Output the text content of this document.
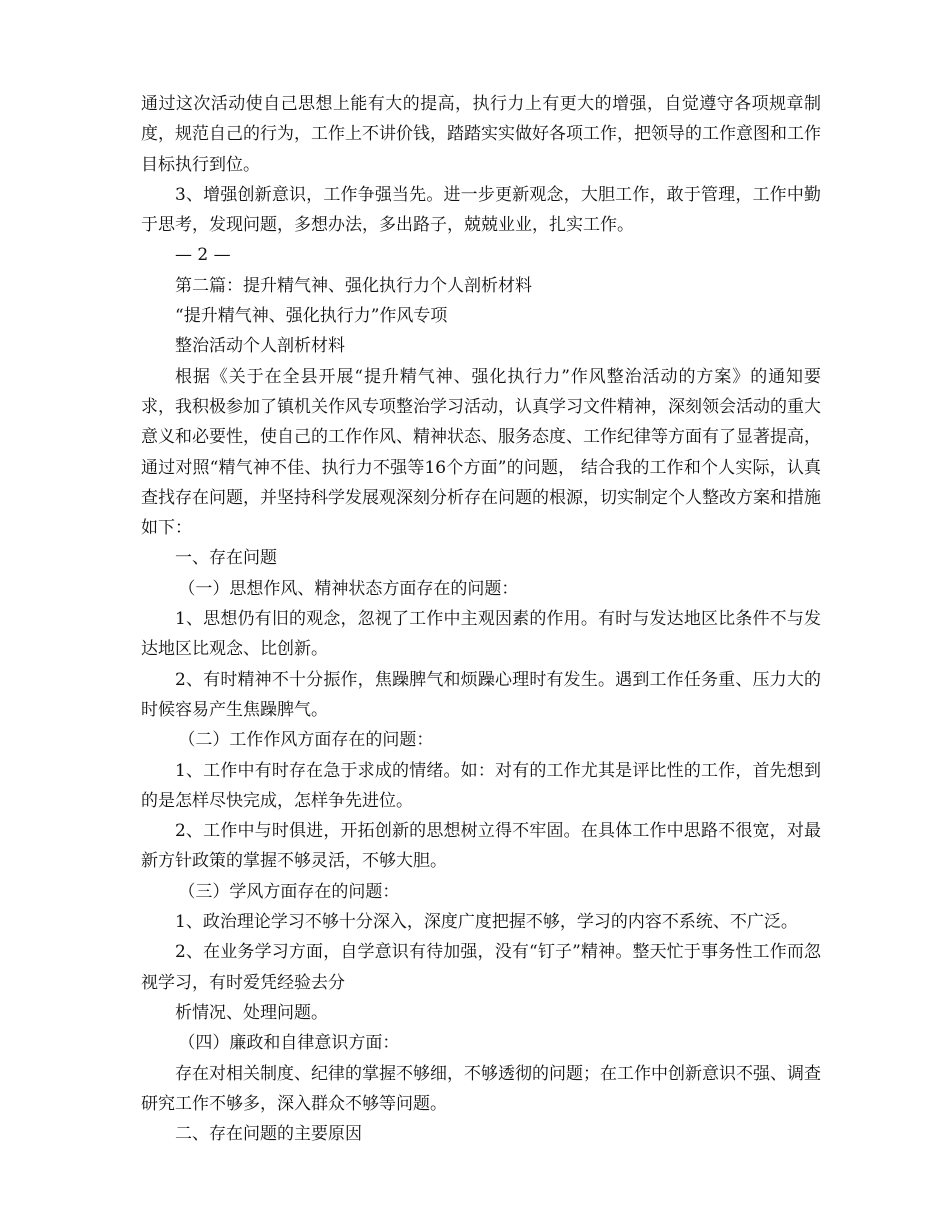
通过这次活动使自己思想上能有大的提高，执行力上有更大的增强，自觉遵守各项规章制度，规范自己的行为，工作上不讲价钱，踏踏实实做好各项工作，把领导的工作意图和工作目标执行到位。

3、增强创新意识，工作争强当先。进一步更新观念，大胆工作，敢于管理，工作中勤于思考，发现问题，多想办法，多出路子，兢兢业业，扎实工作。

— 2 —

第二篇：提升精气神、强化执行力个人剖析材料

“提升精气神、强化执行力”作风专项

整治活动个人剖析材料

根据《关于在全县开展“提升精气神、强化执行力”作风整治活动的方案》的通知要求，我积极参加了镇机关作风专项整治学习活动，认真学习文件精神，深刻领会活动的重大意义和必要性，使自己的工作作风、精神状态、服务态度、工作纪律等方面有了显著提高，通过对照“精气神不佳、执行力不强等16个方面”的问题， 结合我的工作和个人实际，认真查找存在问题，并坚持科学发展观深刻分析存在问题的根源，切实制定个人整改方案和措施如下：

一、存在问题

（一）思想作风、精神状态方面存在的问题：

1、思想仍有旧的观念，忽视了工作中主观因素的作用。有时与发达地区比条件不与发达地区比观念、比创新。

2、有时精神不十分振作，焦躁脾气和烦躁心理时有发生。遇到工作任务重、压力大的时候容易产生焦躁脾气。

（二）工作作风方面存在的问题：

1、工作中有时存在急于求成的情绪。如：对有的工作尤其是评比性的工作，首先想到的是怎样尽快完成，怎样争先进位。

2、工作中与时俱进，开拓创新的思想树立得不牢固。在具体工作中思路不很宽，对最新方针政策的掌握不够灵活，不够大胆。

（三）学风方面存在的问题：

1、政治理论学习不够十分深入，深度广度把握不够，学习的内容不系统、不广泛。

2、在业务学习方面，自学意识有待加强，没有“钉子”精神。整天忙于事务性工作而忽视学习，有时爱凭经验去分

析情况、处理问题。

（四）廉政和自律意识方面：

存在对相关制度、纪律的掌握不够细，不够透彻的问题；在工作中创新意识不强、调查研究工作不够多，深入群众不够等问题。

二、存在问题的主要原因
